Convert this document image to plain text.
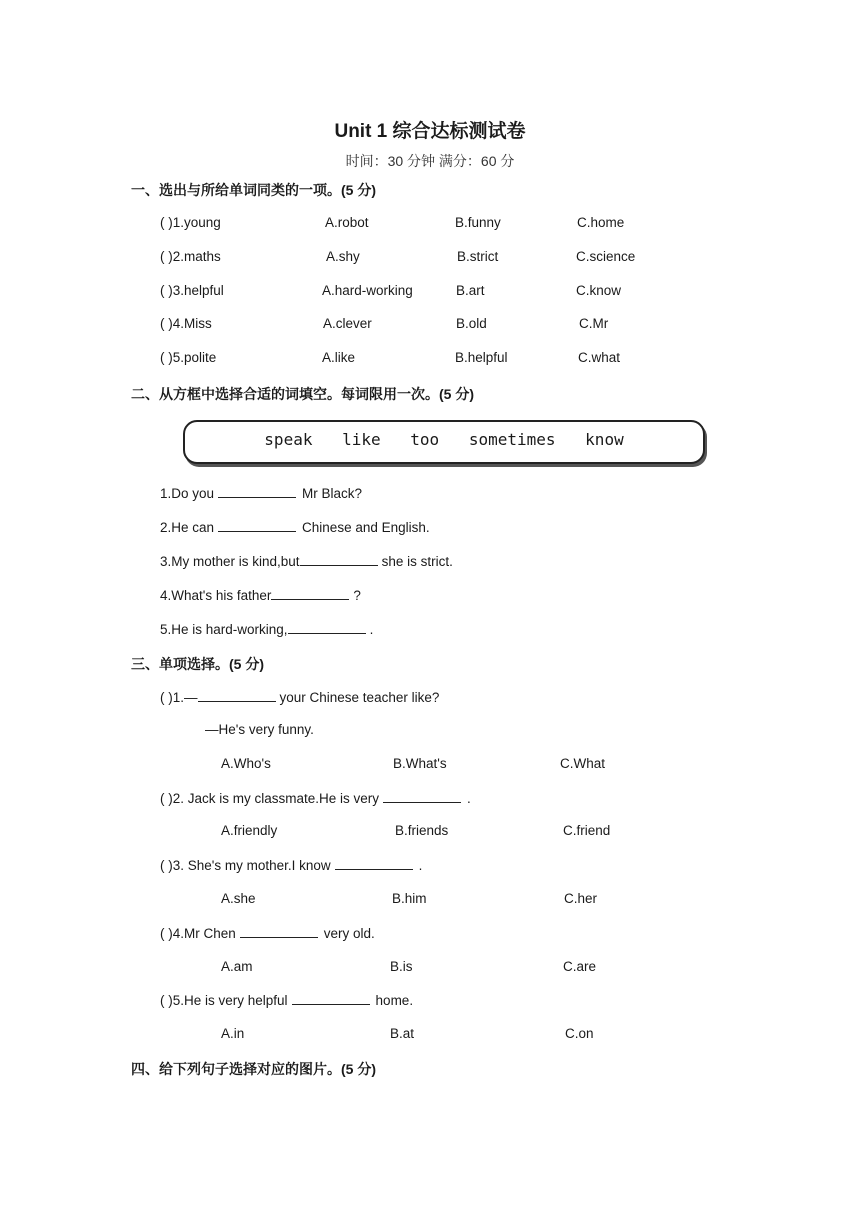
Unit 1 综合达标测试卷
时间：30 分钟 满分：60 分
一、选出与所给单词同类的一项。(5 分)
( )1.young	A.robot	B.funny	C.home
( )2.maths	A.shy	B.strict	C.science
( )3.helpful	A.hard-working	B.art	C.know
( )4.Miss	A.clever	B.old	C.Mr
( )5.polite	A.like	B.helpful	C.what
二、从方框中选择合适的词填空。每词限用一次。(5 分)
speak like too sometimes know
1.Do you	Mr Black?
2.He can	Chinese and English.
3.My mother is kind,but	she is strict.
4.What's his father	?
5.He is hard-working,	.
三、单项选择。(5 分)
( )1.—	your Chinese teacher like?
—He's very funny.
A.Who's	B.What's	C.What
( )2. Jack is my classmate.He is very	.
A.friendly	B.friends	C.friend
( )3. She's my mother.I know	.
A.she	B.him	C.her
( )4.Mr Chen	very old.
A.am	B.is	C.are
( )5.He is very helpful	home.
A.in	B.at	C.on
四、给下列句子选择对应的图片。(5 分)
